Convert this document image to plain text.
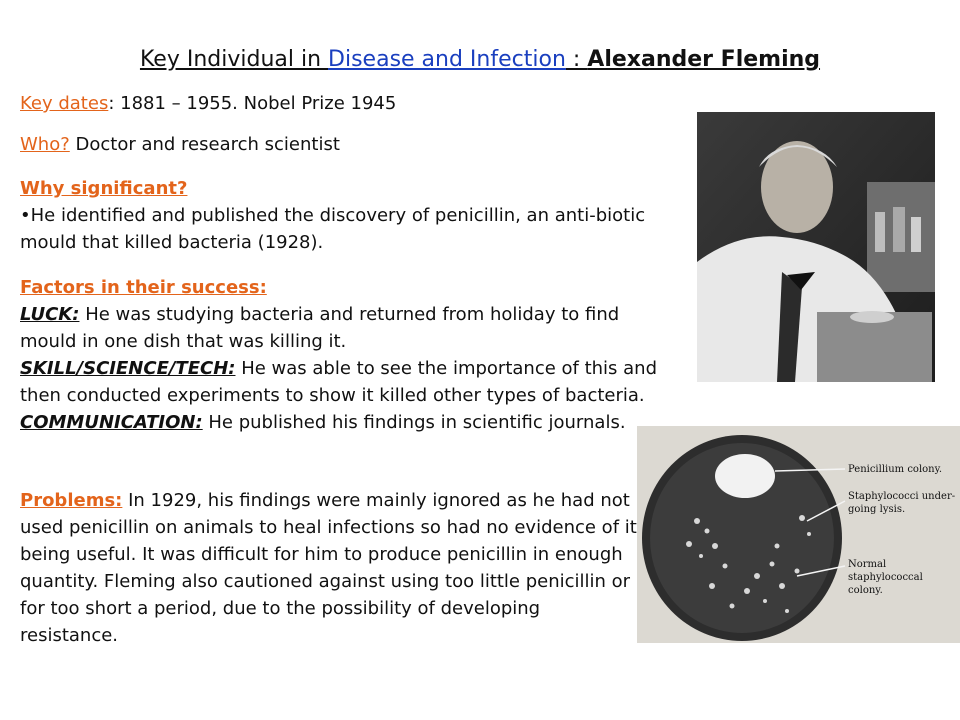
Key Individual in Disease and Infection : Alexander Fleming
Key dates: 1881 – 1955. Nobel Prize 1945
Who? Doctor and research scientist
Why significant?
•He identified and published the discovery of penicillin, an anti-biotic mould that killed bacteria (1928).
Factors in their success:
LUCK: He was studying bacteria and returned from holiday to find mould in one dish that was killing it.
SKILL/SCIENCE/TECH: He was able to see the importance of this and then conducted experiments to show it killed other types of bacteria.
COMMUNICATION: He published his findings in scientific journals.
Problems: In 1929, his findings were mainly ignored as he had not used penicillin on animals to heal infections so had no evidence of it being useful. It was difficult for him to produce penicillin in enough quantity. Fleming also cautioned against using too little penicillin or for too short a period, due to the possibility of developing resistance.
Penicillium colony.
Staphylococci under-going lysis.
Normal staphylococcal colony.
